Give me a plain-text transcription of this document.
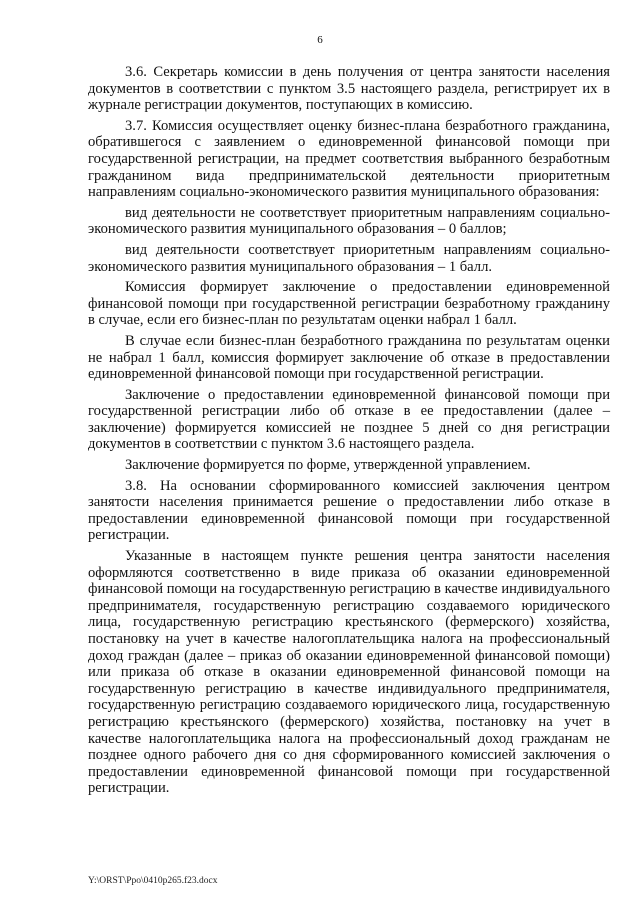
6

3.6. Секретарь комиссии в день получения от центра занятости населения документов в соответствии с пунктом 3.5 настоящего раздела, регистрирует их в журнале регистрации документов, поступающих в комиссию.

3.7. Комиссия осуществляет оценку бизнес-плана безработного гражданина, обратившегося с заявлением о единовременной финансовой помощи при государственной регистрации, на предмет соответствия выбранного безработным гражданином вида предпринимательской деятельности приоритетным направлениям социально-экономического развития муниципального образования:

вид деятельности не соответствует приоритетным направлениям социально-экономического развития муниципального образования – 0 баллов;

вид деятельности соответствует приоритетным направлениям социально-экономического развития муниципального образования – 1 балл.

Комиссия формирует заключение о предоставлении единовременной финансовой помощи при государственной регистрации безработному гражданину в случае, если его бизнес-план по результатам оценки набрал 1 балл.

В случае если бизнес-план безработного гражданина по результатам оценки не набрал 1 балл, комиссия формирует заключение об отказе в предоставлении единовременной финансовой помощи при государственной регистрации.

Заключение о предоставлении единовременной финансовой помощи при государственной регистрации либо об отказе в ее предоставлении (далее – заключение) формируется комиссией не позднее 5 дней со дня регистрации документов в соответствии с пунктом 3.6 настоящего раздела.

Заключение формируется по форме, утвержденной управлением.

3.8. На основании сформированного комиссией заключения центром занятости населения принимается решение о предоставлении либо отказе в предоставлении единовременной финансовой помощи при государственной регистрации.

Указанные в настоящем пункте решения центра занятости населения оформляются соответственно в виде приказа об оказании единовременной финансовой помощи на государственную регистрацию в качестве индивидуального предпринимателя, государственную регистрацию создаваемого юридического лица, государственную регистрацию крестьянского (фермерского) хозяйства, постановку на учет в качестве налогоплательщика налога на профессиональный доход граждан (далее – приказ об оказании единовременной финансовой помощи) или приказа об отказе в оказании единовременной финансовой помощи на государственную регистрацию в качестве индивидуального предпринимателя, государственную регистрацию создаваемого юридического лица, государственную регистрацию крестьянского (фермерского) хозяйства, постановку на учет в качестве налогоплательщика налога на профессиональный доход гражданам не позднее одного рабочего дня со дня сформированного комиссией заключения о предоставлении единовременной финансовой помощи при государственной регистрации.

Y:\ORST\Ppo\0410p265.f23.docx
